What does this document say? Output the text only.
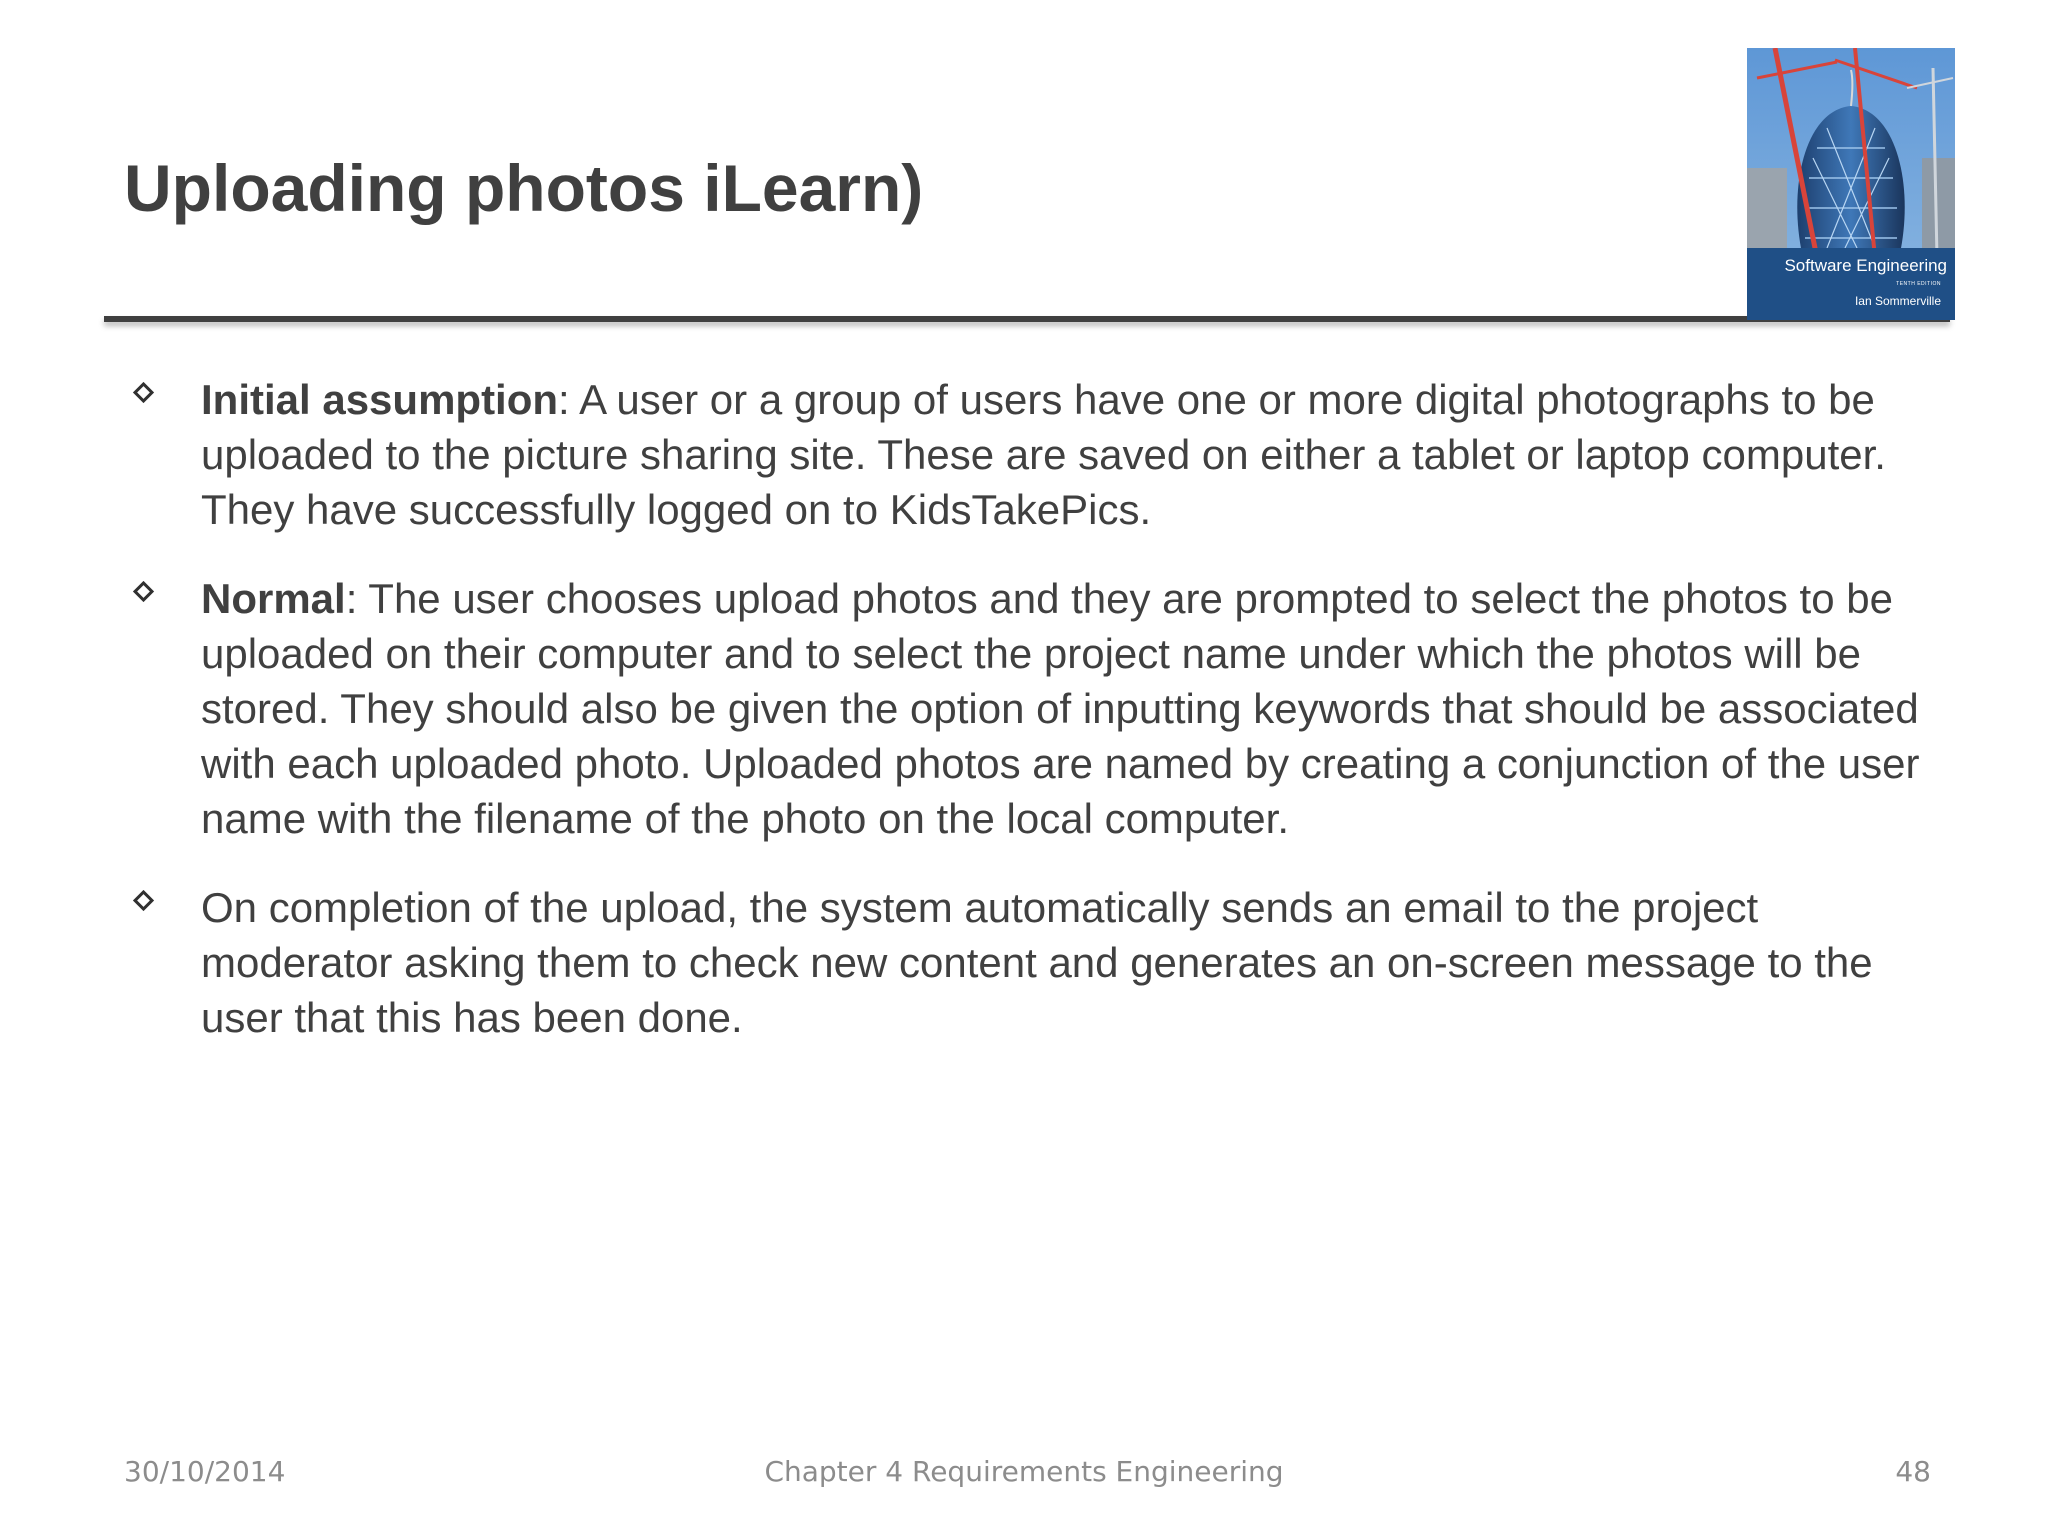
Uploading photos iLearn)
Software Engineering
TENTH EDITION
Ian Sommerville
Initial assumption: A user or a group of users have one or more digital photographs to be uploaded to the picture sharing site. These are saved on either a tablet or laptop computer. They have successfully logged on to KidsTakePics.
Normal: The user chooses upload photos and they are prompted to select the photos to be uploaded on their computer and to select the project name under which the photos will be stored. They should also be given the option of inputting keywords that should be associated with each uploaded photo. Uploaded photos are named by creating a conjunction of the user name with the filename of the photo on the local computer.
On completion of the upload, the system automatically sends an email to the project moderator asking them to check new content and generates an on-screen message to the user that this has been done.
30/10/2014	Chapter 4 Requirements Engineering	48
